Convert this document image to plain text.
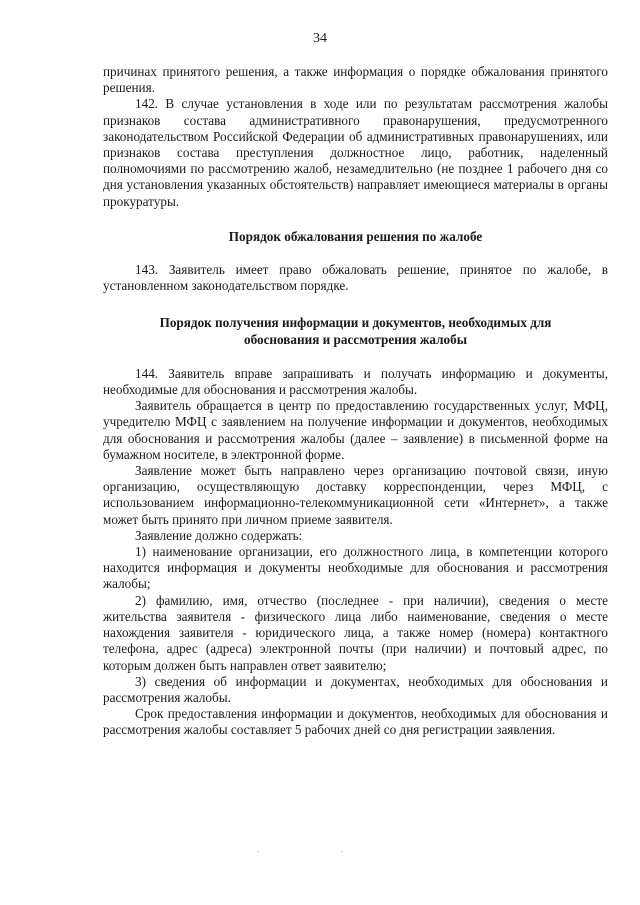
34

причинах принятого решения, а также информация о порядке обжалования принятого решения.

142. В случае установления в ходе или по результатам рассмотрения жалобы признаков состава административного правонарушения, предусмотренного законодательством Российской Федерации об административных правонарушениях, или признаков состава преступления должностное лицо, работник, наделенный полномочиями по рассмотрению жалоб, незамедлительно (не позднее 1 рабочего дня со дня установления указанных обстоятельств) направляет имеющиеся материалы в органы прокуратуры.

Порядок обжалования решения по жалобе

143. Заявитель имеет право обжаловать решение, принятое по жалобе, в установленном законодательством порядке.

Порядок получения информации и документов, необходимых для
обоснования и рассмотрения жалобы

144. Заявитель вправе запрашивать и получать информацию и документы, необходимые для обоснования и рассмотрения жалобы.

Заявитель обращается в центр по предоставлению государственных услуг, МФЦ, учредителю МФЦ с заявлением на получение информации и документов, необходимых для обоснования и рассмотрения жалобы (далее – заявление) в письменной форме на бумажном носителе, в электронной форме.

Заявление может быть направлено через организацию почтовой связи, иную организацию, осуществляющую доставку корреспонденции, через МФЦ, с использованием информационно-телекоммуникационной сети «Интернет», а также может быть принято при личном приеме заявителя.

Заявление должно содержать:

1) наименование организации, его должностного лица, в компетенции которого находится информация и документы необходимые для обоснования и рассмотрения жалобы;

2) фамилию, имя, отчество (последнее - при наличии), сведения о месте жительства заявителя - физического лица либо наименование, сведения о месте нахождения заявителя - юридического лица, а также номер (номера) контактного телефона, адрес (адреса) электронной почты (при наличии) и почтовый адрес, по которым должен быть направлен ответ заявителю;

3) сведения об информации и документах, необходимых для обоснования и рассмотрения жалобы.

Срок предоставления информации и документов, необходимых для обоснования и рассмотрения жалобы составляет 5 рабочих дней со дня регистрации заявления.

. .
